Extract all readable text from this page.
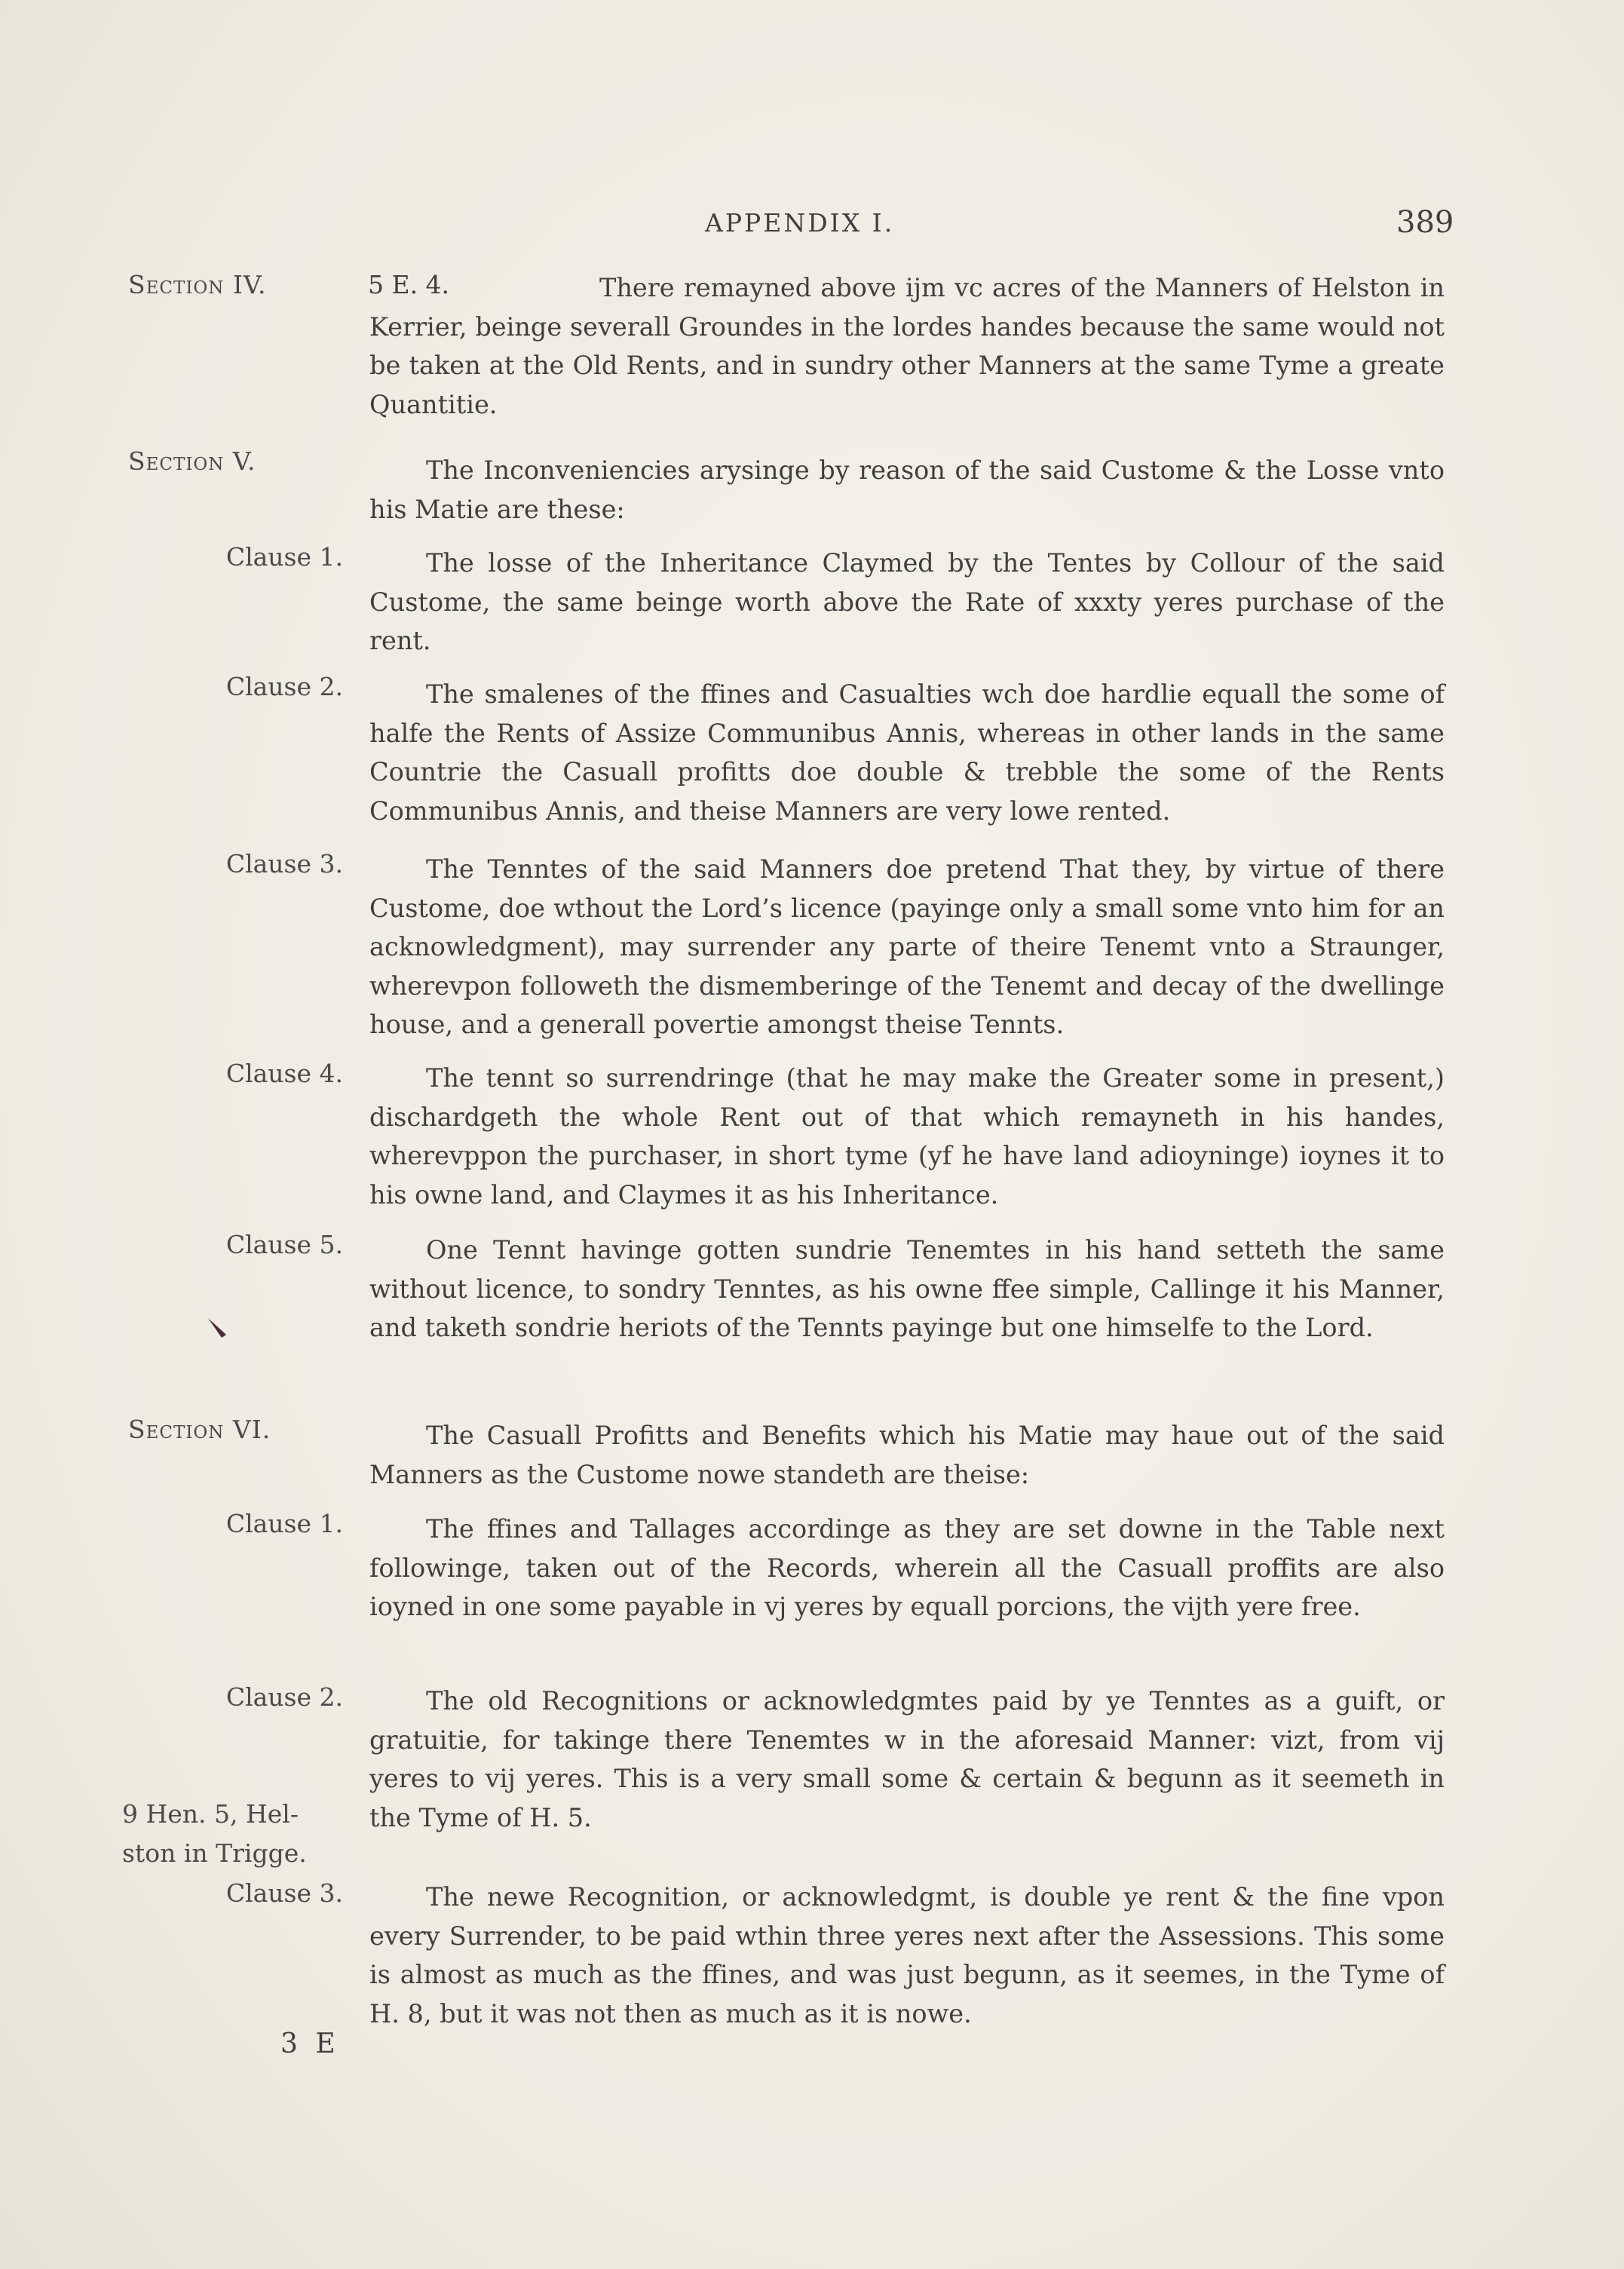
APPENDIX I.	389
Section IV.	5 E. 4.	There remayned above ijm vc acres of the Manners of Helston in Kerrier, beinge severall Groundes in the lordes handes because the same would not be taken at the Old Rents, and in sundry other Manners at the same Tyme a greate Quantitie.
Section V.	The Inconveniencies arysinge by reason of the said Custome & the Losse vnto his Matie are these:
Clause 1.	The losse of the Inheritance Claymed by the Tentes by Collour of the said Custome, the same beinge worth above the Rate of xxxty yeres purchase of the rent.
Clause 2.	The smalenes of the ffines and Casualties wch doe hardlie equall the some of halfe the Rents of Assize Communibus Annis, whereas in other lands in the same Countrie the Casuall profitts doe double & trebble the some of the Rents Communibus Annis, and theise Manners are very lowe rented.
Clause 3.	The Tenntes of the said Manners doe pretend That they, by virtue of there Custome, doe wthout the Lord’s licence (payinge only a small some vnto him for an acknowledgment), may surrender any parte of theire Tenemt vnto a Straunger, wherevpon followeth the dismemberinge of the Tenemt and decay of the dwellinge house, and a generall povertie amongst theise Tennts.
Clause 4.	The tennt so surrendringe (that he may make the Greater some in present,) dischardgeth the whole Rent out of that which remayneth in his handes, wherevppon the purchaser, in short tyme (yf he have land adioyninge) ioynes it to his owne land, and Claymes it as his Inheritance.
Clause 5.	One Tennt havinge gotten sundrie Tenemtes in his hand setteth the same without licence, to sondry Tenntes, as his owne ffee simple, Callinge it his Manner, and taketh sondrie heriots of the Tennts payinge but one himselfe to the Lord.
Section VI.	The Casuall Profitts and Benefits which his Matie may haue out of the said Manners as the Custome nowe standeth are theise:
Clause 1.	The ffines and Tallages accordinge as they are set downe in the Table next followinge, taken out of the Records, wherein all the Casuall proffits are also ioyned in one some payable in vj yeres by equall porcions, the vijth yere free.
Clause 2.	The old Recognitions or acknowledgmtes paid by ye Tenntes as a guift, or gratuitie, for takinge there Tenemtes w in the aforesaid Manner: vizt, from vij yeres to vij yeres. This is a very small some & certain & begunn as it seemeth in the Tyme of H. 5.
9 Hen. 5, Hel-ston in Trigge.
Clause 3.	The newe Recognition, or acknowledgmt, is double ye rent & the fine vpon every Surrender, to be paid wthin three yeres next after the Assessions. This some is almost as much as the ffines, and was just begunn, as it seemes, in the Tyme of H. 8, but it was not then as much as it is nowe.
3 E
